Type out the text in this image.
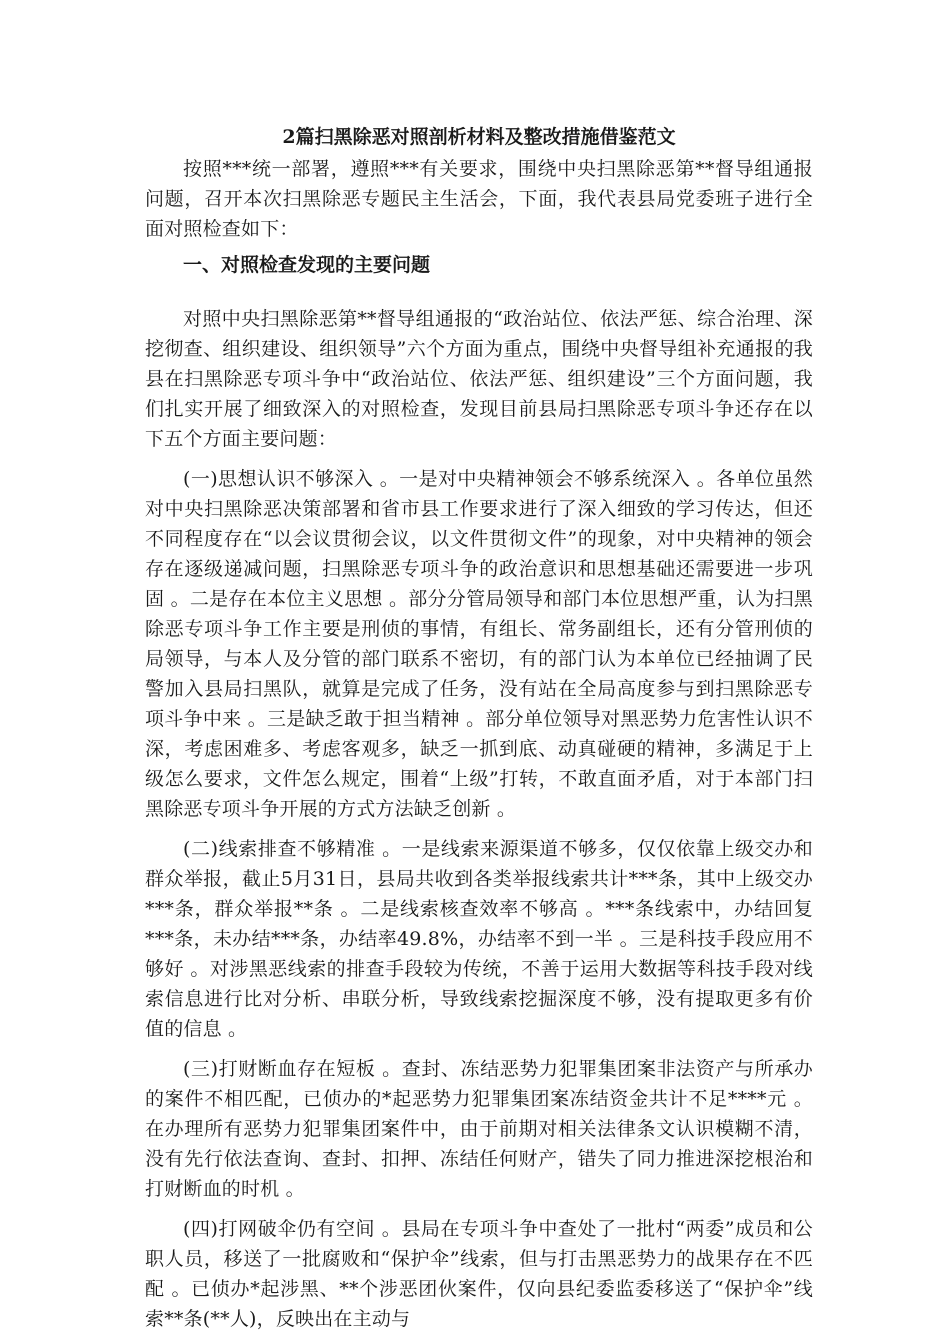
2篇扫黑除恶对照剖析材料及整改措施借鉴范文

按照***统一部署，遵照***有关要求，围绕中央扫黑除恶第**督导组通报问题，召开本次扫黑除恶专题民主生活会，下面，我代表县局党委班子进行全面对照检查如下：

一、对照检查发现的主要问题

对照中央扫黑除恶第**督导组通报的“政治站位、依法严惩、综合治理、深挖彻查、组织建设、组织领导”六个方面为重点，围绕中央督导组补充通报的我县在扫黑除恶专项斗争中“政治站位、依法严惩、组织建设”三个方面问题，我们扎实开展了细致深入的对照检查，发现目前县局扫黑除恶专项斗争还存在以下五个方面主要问题：

(一)思想认识不够深入 。一是对中央精神领会不够系统深入 。各单位虽然对中央扫黑除恶决策部署和省市县工作要求进行了深入细致的学习传达，但还不同程度存在“以会议贯彻会议，以文件贯彻文件”的现象，对中央精神的领会存在逐级递减问题，扫黑除恶专项斗争的政治意识和思想基础还需要进一步巩固 。二是存在本位主义思想 。部分分管局领导和部门本位思想严重，认为扫黑除恶专项斗争工作主要是刑侦的事情，有组长、常务副组长，还有分管刑侦的局领导，与本人及分管的部门联系不密切，有的部门认为本单位已经抽调了民警加入县局扫黑队，就算是完成了任务，没有站在全局高度参与到扫黑除恶专项斗争中来 。三是缺乏敢于担当精神 。部分单位领导对黑恶势力危害性认识不深，考虑困难多、考虑客观多，缺乏一抓到底、动真碰硬的精神，多满足于上级怎么要求，文件怎么规定，围着“上级”打转，不敢直面矛盾，对于本部门扫黑除恶专项斗争开展的方式方法缺乏创新 。

(二)线索排查不够精准 。一是线索来源渠道不够多，仅仅依靠上级交办和群众举报，截止5月31日，县局共收到各类举报线索共计***条，其中上级交办***条，群众举报**条 。二是线索核查效率不够高 。***条线索中，办结回复***条，未办结***条，办结率49.8%，办结率不到一半 。三是科技手段应用不够好 。对涉黑恶线索的排查手段较为传统，不善于运用大数据等科技手段对线索信息进行比对分析、串联分析，导致线索挖掘深度不够，没有提取更多有价值的信息 。

(三)打财断血存在短板 。查封、冻结恶势力犯罪集团案非法资产与所承办的案件不相匹配，已侦办的*起恶势力犯罪集团案冻结资金共计不足****元 。在办理所有恶势力犯罪集团案件中，由于前期对相关法律条文认识模糊不清，没有先行依法查询、查封、扣押、冻结任何财产，错失了同力推进深挖根治和打财断血的时机 。

(四)打网破伞仍有空间 。县局在专项斗争中查处了一批村“两委”成员和公职人员，移送了一批腐败和“保护伞”线索，但与打击黑恶势力的战果存在不匹配 。已侦办*起涉黑、**个涉恶团伙案件，仅向县纪委监委移送了“保护伞”线索**条(**人)，反映出在主动与
